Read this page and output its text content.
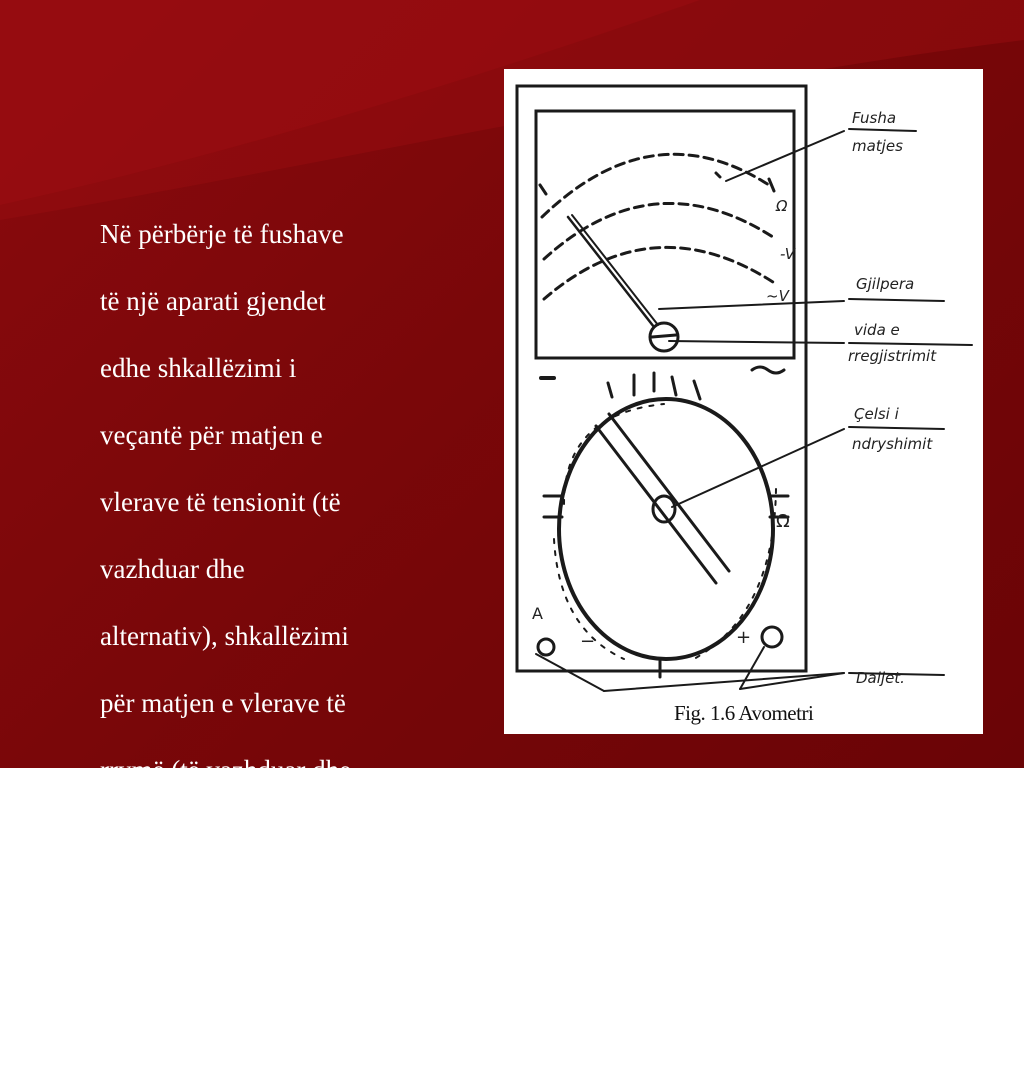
Në përbërje të fushave

të një aparati gjendet

edhe shkallëzimi i

veçantë për matjen e

vlerave të tensionit (të

vazhduar dhe

alternativ), shkallëzimi

për matjen e vlerave të

rrymë (të vazhduar dhe

alternative) dhe

shkallëzimet për

matjen e vlerave të

rezistencës.

Ω
-V
~V
Fusha
matjes
Gjilpera
vida e
rregjistrimit
Çelsi i
ndryshimit
Daljet.
Ω
A
−	+
Fig. 1.6 Avometri
